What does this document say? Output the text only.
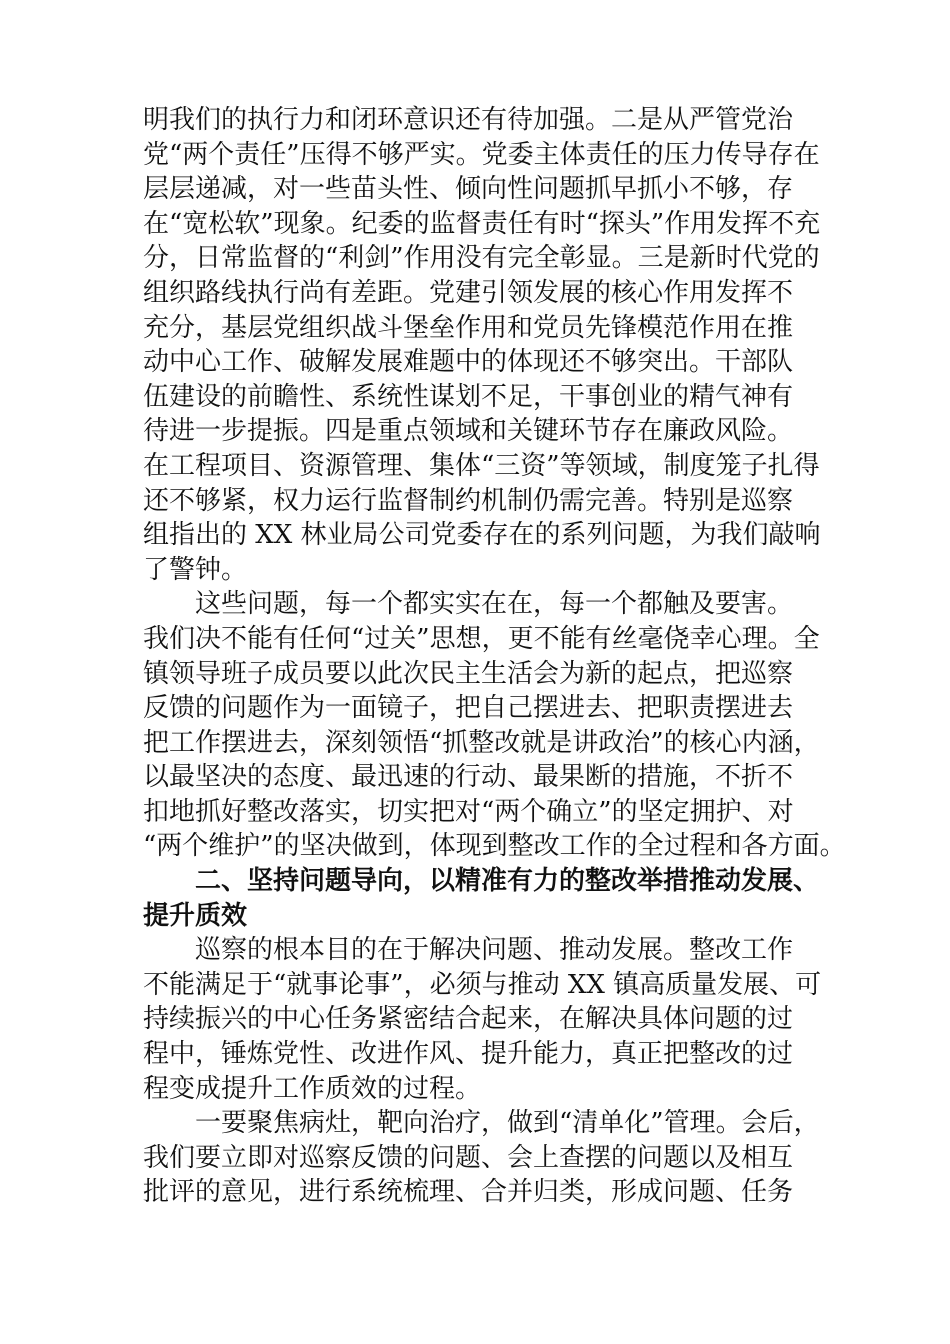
明我们的执行力和闭环意识还有待加强。二是从严管党治
党“两个责任”压得不够严实。党委主体责任的压力传导存在
层层递减，对一些苗头性、倾向性问题抓早抓小不够，存
在“宽松软”现象。纪委的监督责任有时“探头”作用发挥不充
分，日常监督的“利剑”作用没有完全彰显。三是新时代党的
组织路线执行尚有差距。党建引领发展的核心作用发挥不
充分，基层党组织战斗堡垒作用和党员先锋模范作用在推
动中心工作、破解发展难题中的体现还不够突出。干部队
伍建设的前瞻性、系统性谋划不足，干事创业的精气神有
待进一步提振。四是重点领域和关键环节存在廉政风险。
在工程项目、资源管理、集体“三资”等领域，制度笼子扎得
还不够紧，权力运行监督制约机制仍需完善。特别是巡察
组指出的 XX 林业局公司党委存在的系列问题，为我们敲响
了警钟。
　　这些问题，每一个都实实在在，每一个都触及要害。
我们决不能有任何“过关”思想，更不能有丝毫侥幸心理。全
镇领导班子成员要以此次民主生活会为新的起点，把巡察
反馈的问题作为一面镜子，把自己摆进去、把职责摆进去
把工作摆进去，深刻领悟“抓整改就是讲政治”的核心内涵，
以最坚决的态度、最迅速的行动、最果断的措施，不折不
扣地抓好整改落实，切实把对“两个确立”的坚定拥护、对
“两个维护”的坚决做到，体现到整改工作的全过程和各方面。
　　二、坚持问题导向，以精准有力的整改举措推动发展、
提升质效
　　巡察的根本目的在于解决问题、推动发展。整改工作
不能满足于“就事论事”，必须与推动 XX 镇高质量发展、可
持续振兴的中心任务紧密结合起来，在解决具体问题的过
程中，锤炼党性、改进作风、提升能力，真正把整改的过
程变成提升工作质效的过程。
　　一要聚焦病灶，靶向治疗，做到“清单化”管理。会后，
我们要立即对巡察反馈的问题、会上查摆的问题以及相互
批评的意见，进行系统梳理、合并归类，形成问题、任务
